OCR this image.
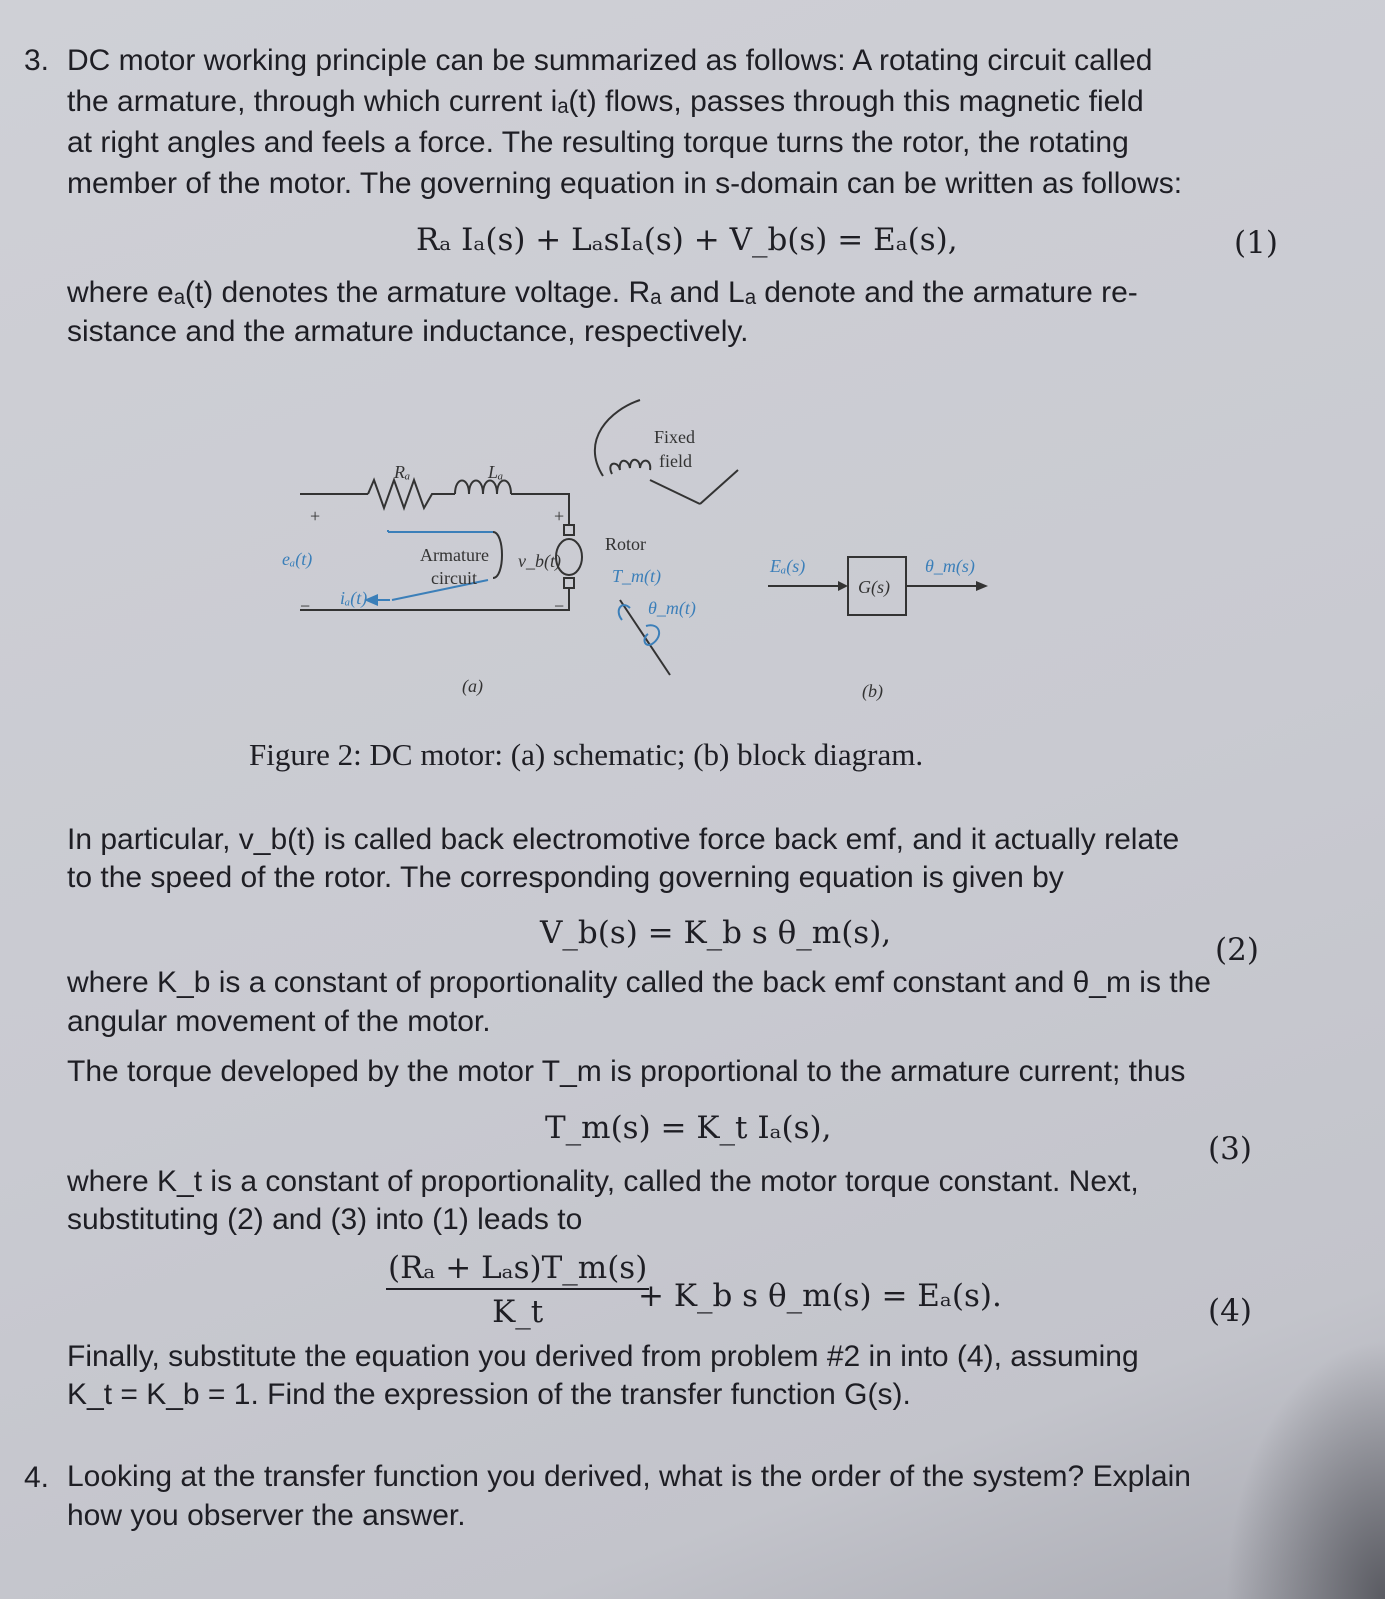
3. DC motor working principle can be summarized as follows: A rotating circuit called
the armature, through which current iₐ(t) flows, passes through this magnetic field
at right angles and feels a force. The resulting torque turns the rotor, the rotating
member of the motor. The governing equation in s-domain can be written as follows:
Rₐ Iₐ(s) + LₐsIₐ(s) + V_b(s) = Eₐ(s),	(1)
where eₐ(t) denotes the armature voltage. Rₐ and Lₐ denote and the armature re-
sistance and the armature inductance, respectively.
Rₐ	Lₐ
+	+
−	−
eₐ(t)
iₐ(t)
Armature
circuit
v_b(t)
Rotor
T_m(t)
θ_m(t)
Fixed
field
(a)
Eₐ(s)
G(s)
θ_m(s)
(b)
Figure 2: DC motor: (a) schematic; (b) block diagram.
In particular, v_b(t) is called back electromotive force back emf, and it actually relate
to the speed of the rotor. The corresponding governing equation is given by
V_b(s) = K_b s θ_m(s),	(2)
where K_b is a constant of proportionality called the back emf constant and θ_m is the
angular movement of the motor.
The torque developed by the motor T_m is proportional to the armature current; thus
T_m(s) = K_t Iₐ(s),
(3)
where K_t is a constant of proportionality, called the motor torque constant. Next,
substituting (2) and (3) into (1) leads to
(Rₐ + Lₐs)T_m(s)
K_t	+ K_b s θ_m(s) = Eₐ(s).	(4)
Finally, substitute the equation you derived from problem #2 in into (4), assuming
K_t = K_b = 1. Find the expression of the transfer function G(s).
4. Looking at the transfer function you derived, what is the order of the system? Explain
how you observer the answer.
